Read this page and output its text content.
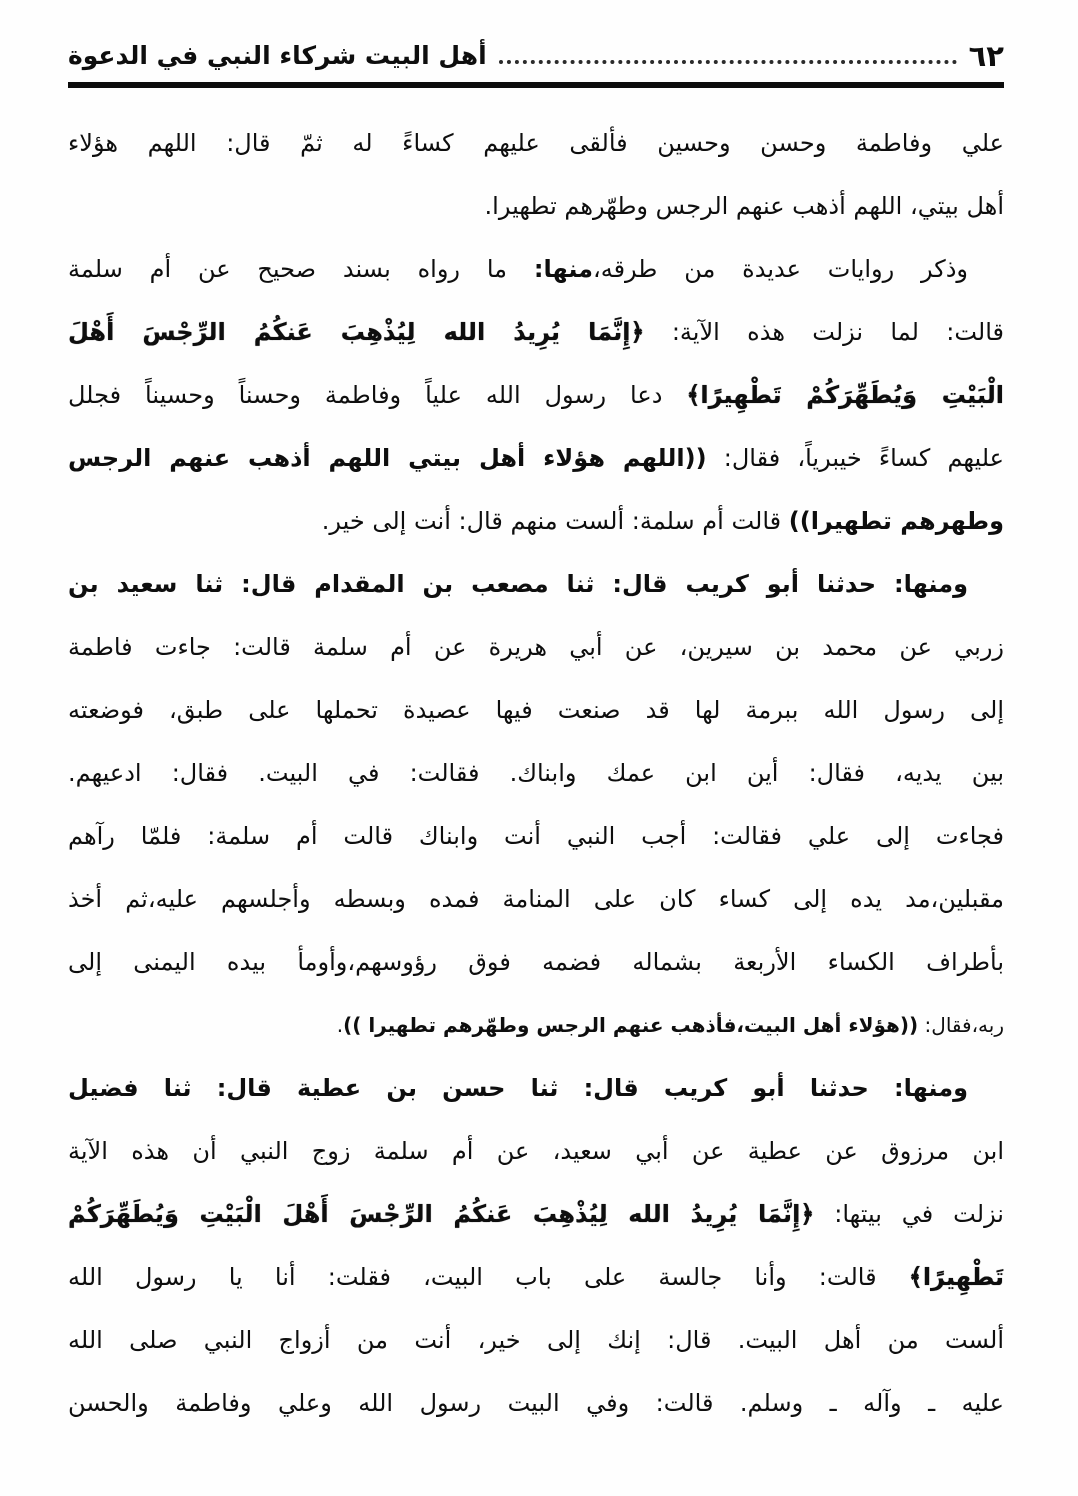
أهل البيت شركاء النبي في الدعوة	٦٢
علي وفاطمة وحسن وحسين فألقى عليهم كساءً له ثمّ قال: اللهم هؤلاء
أهل بيتي، اللهم أذهب عنهم الرجس وطهّرهم تطهيرا.
وذكر روايات عديدة من طرقه،منها: ما رواه بسند صحيح عن أم سلمة
قالت: لما نزلت هذه الآية: ﴿إِنَّمَا يُرِيدُ الله لِيُذْهِبَ عَنكُمُ الرِّجْسَ أَهْلَ
الْبَيْتِ وَيُطَهِّرَكُمْ تَطْهِيرًا﴾ دعا رسول الله علياً وفاطمة وحسناً وحسيناً فجلل
عليهم كساءً خيبرياً، فقال: ((اللهم هؤلاء أهل بيتي اللهم أذهب عنهم الرجس
وطهرهم تطهيرا)) قالت أم سلمة: ألست منهم قال: أنت إلى خير.
ومنها: حدثنا أبو كريب قال: ثنا مصعب بن المقدام قال: ثنا سعيد بن
زربي عن محمد بن سيرين، عن أبي هريرة عن أم سلمة قالت: جاءت فاطمة
إلى رسول الله ببرمة لها قد صنعت فيها عصيدة تحملها على طبق، فوضعته
بين يديه، فقال: أين ابن عمك وابناك. فقالت: في البيت. فقال: ادعيهم.
فجاءت إلى علي فقالت: أجب النبي أنت وابناك قالت أم سلمة: فلمّا رآهم
مقبلين،مد يده إلى كساء كان على المنامة فمده وبسطه وأجلسهم عليه،ثم أخذ
بأطراف الكساء الأربعة بشماله فضمه فوق رؤوسهم،وأومأ بيده اليمنى إلى
ربه،فقال: ((هؤلاء أهل البيت،فأذهب عنهم الرجس وطهّرهم تطهيرا )).
ومنها: حدثنا أبو كريب قال: ثنا حسن بن عطية قال: ثنا فضيل
ابن مرزوق عن عطية عن أبي سعيد، عن أم سلمة زوج النبي أن هذه الآية
نزلت في بيتها: ﴿إِنَّمَا يُرِيدُ الله لِيُذْهِبَ عَنكُمُ الرِّجْسَ أَهْلَ الْبَيْتِ وَيُطَهِّرَكُمْ
تَطْهِيرًا﴾ قالت: وأنا جالسة على باب البيت، فقلت: أنا يا رسول الله
ألست من أهل البيت. قال: إنك إلى خير، أنت من أزواج النبي صلى الله
عليه ـ وآله ـ وسلم. قالت: وفي البيت رسول الله وعلي وفاطمة والحسن
